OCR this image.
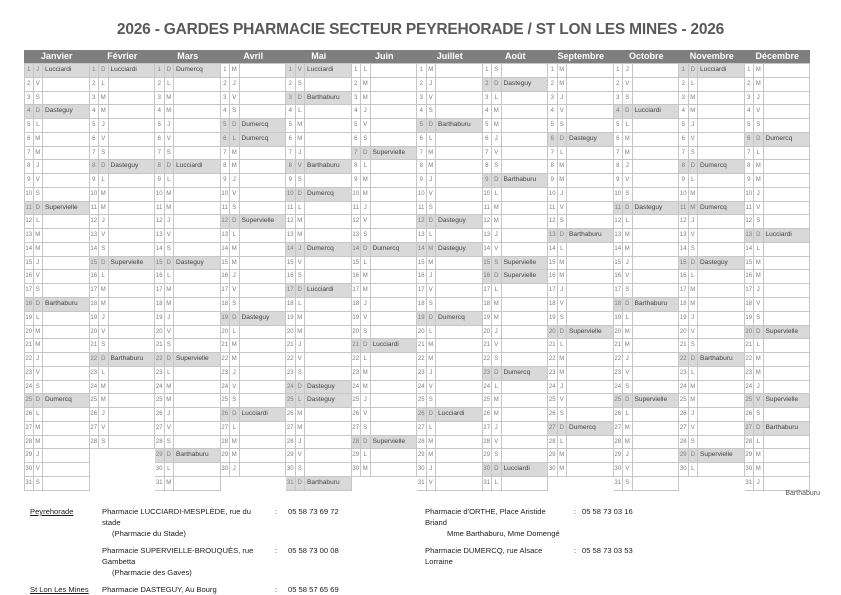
2026 - GARDES PHARMACIE SECTEUR PEYREHORADE / ST LON LES MINES - 2026
Janvier
1 J Lucciardi
2 V
3 S
4 D Dasteguy
5 L
6 M
7 M
8 J
9 V
10 S
11 D Supervielle
12 L
13 M
14 M
15 J
16 V
17 S
18 D Barthaburu
19 L
20 M
21 M
22 J
23 V
24 S
25 D Dumercq
26 L
27 M
28 M
29 J
30 V
31 S
Février
1 D Lucciardi
2	L
3 M
4 M
5	J
6 V
7 S
8 D Dasteguy
9	L
10 M
11 M
12 J
13 V
14 S
15 D Supervielle
16 L
17 M
18 M
19 J
20 V
21 S
22 D Barthaburu
23 L
24 M
25 M
26 J
27 V
28 S
Mars
1 D Dumercq
2	L
3 M
4 M
5	J
6 V
7 S
8 D Lucciardi
9	L
10 M
11 M
12 J
13 V
14 S
15 D Dasteguy
16 L
17 M
18 M
19 J
20 V
21 S
22 D Supervielle
23 L
24 M
25 M
26 J
27 V
28 S
29 D Barthaburu
30 L
31 M
Avril
1 M
2	J
3 V
4 S
5 D Dumercq
6	L Dumercq
7 M
8 M
9	J
10 V
11 S
12 D Supervielle
13 L
14 M
15 M
16 J
17 V
18 S
19 D Dasteguy
20 L
21 M
22 M
23 J
24 V
25 S
26 D Lucciardi
27 L
28 M
29 M
30 J
Mai
1 V Lucciardi
2 S
3 D Barthaburu
4	L
5 M
6 M
7	J
8 V Barthaburu
9 S
10 D Dumercq
11 L
12 M
13 M
14 J Dumercq
15 V
16 S
17 D Lucciardi
18 L
19 M
20 M
21 J
22 V
23 S
24 D Dasteguy
25 L Dasteguy
26 M
27 M
28 J
29 V
30 S
31 D Barthaburu
Juin
1	L
2 M
3 M
4	J
5 V
6 S
7 D Supervielle
8	L
9 M
10 M
11 J
12 V
13 S
14 D Dumercq
15 L
16 M
17 M
18 J
19 V
20 S
21 D Lucciardi
22 L
23 M
24 M
25 J
26 V
27 S
28 D Supervielle
29 L
30 M
Juillet
1 M
2	J
3 V
4 S
5 D Barthaburu
6	L
7 M
8 M
9	J
10 V
11 S
12 D Dasteguy
13 L
14 M Dasteguy
15 M
16 J
17 V
18 S
19 D Dumercq
20 L
21 M
22 M
23 J
24 V
25 S
26 D Lucciardi
27 L
28 M
29 M
30 J
31 V
Août
1 S
2 D Dasteguy
3	L
4 M
5 M
6	J
7 V
8 S
9 D Barthaburu
10 L
11 M
12 M
13 J
14 V
15 S Supervielle
16 D Supervielle
17 L
18 M
19 M
20 J
21 V
22 S
23 D Dumercq
24 L
25 M
26 M
27 J
28 V
29 S
30 D Lucciardi
31 L
Septembre
1 M
2 M
3	J
4 V
5 S
6 D Dasteguy
7	L
8 M
9 M
10 J
11 V
12 S
13 D Barthaburu
14 L
15 M
16 M
17 J
18 V
19 S
20 D Supervielle
21 L
22 M
23 M
24 J
25 V
26 S
27 D Dumercq
28 L
29 M
30 M
Octobre
1	J
2 V
3 S
4 D Lucciardi
5	L
6 M
7 M
8	J
9 V
10 S
11 D Dasteguy
12 L
13 M
14 M
15 J
16 V
17 S
18 D Barthaburu
19 L
20 M
21 M
22 J
23 V
24 S
25 D Supervielle
26 L
27 M
28 M
29 J
30 V
31 S
Novembre
1 D Lucciardi
2	L
3 M
4 M
5	J
6 V
7 S
8 D Dumercq
9	L
10 M
11 M Dumercq
12 J
13 V
14 S
15 D Dasteguy
16 L
17 M
18 M
19 J
20 V
21 S
22 D Barthaburu
23 L
24 M
25 M
26 J
27 V
28 S
29 D Supervielle
30 L
Décembre
1 M
2 M
3	J
4 V
5 S
6 D Dumercq
7	L
8 M
9 M
10 J
11 V
12 S
13 D Lucciardi
14 L
15 M
16 M
17 J
18 V
19 S
20 D Supervielle
21 L
22 M
23 M
24 J
25 V Supervielle
26 S
27 D Barthaburu
28 L
29 M
30 M
31 J
Barthaburu
Peyrehorade	Pharmacie LUCCIARDI-MESPLÈDE, rue du stade
:	05 58 73 69 72
(Pharmacie du Stade)
Pharmacie SUPERVIELLE-BROUQUÈS, rue Gambetta
:	05 58 73 00 08
(Pharmacie des Gaves)
St Lon Les Mines	Pharmacie DASTEGUY, Au Bourg	:	05 58 57 65 69
Pharmacie d'ORTHE, Place Aristide Briand
: 05 58 73 03 16
Mme Barthaburu, Mme Domengé
Pharmacie DUMERCQ, rue Alsace Lorraine
: 05 58 73 03 53
